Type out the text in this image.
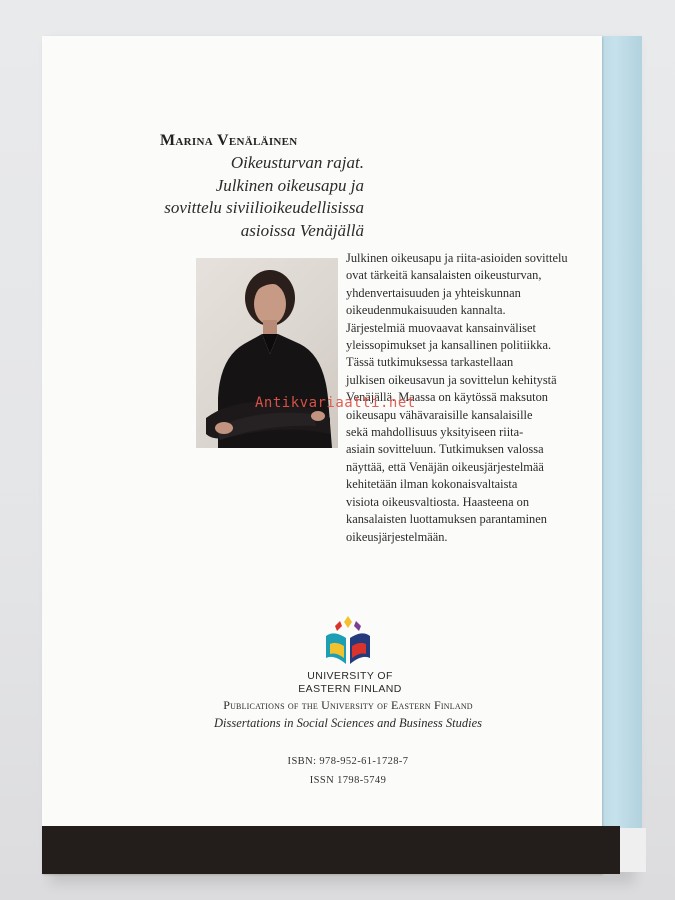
Marina Venäläinen
Oikeusturvan rajat.
Julkinen oikeusapu ja
sovittelu siviilioikeudellisissa
asioissa Venäjällä
Julkinen oikeusapu ja riita-asioiden sovittelu
ovat tärkeitä kansalaisten oikeusturvan,
yhdenvertaisuuden ja yhteiskunnan
oikeudenmukaisuuden kannalta.
Järjestelmiä muovaavat kansainväliset
yleissopimukset ja kansallinen politiikka.
Tässä tutkimuksessa tarkastellaan
julkisen oikeusavun ja sovittelun kehitystä
Venäjällä. Maassa on käytössä maksuton
oikeusapu vähävaraisille kansalaisille
sekä mahdollisuus yksityiseen riita-
asiain sovitteluun. Tutkimuksen valossa
näyttää, että Venäjän oikeusjärjestelmää
kehitetään ilman kokonaisvaltaista
visiota oikeusvaltiosta. Haasteena on
kansalaisten luottamuksen parantaminen
oikeusjärjestelmään.
Antikvariaatti.net
UNIVERSITY OF
EASTERN FINLAND
Publications of the University of Eastern Finland
Dissertations in Social Sciences and Business Studies
ISBN: 978-952-61-1728-7
ISSN 1798-5749
